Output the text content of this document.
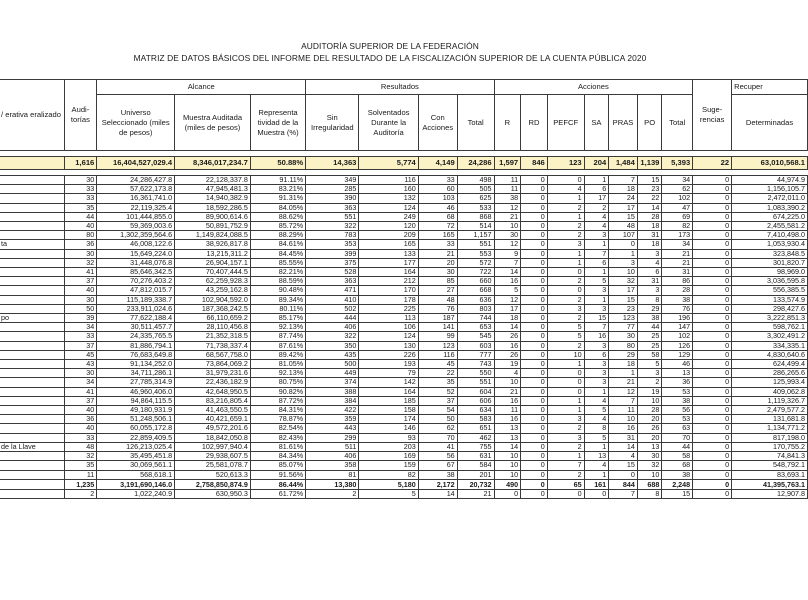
AUDITORÍA SUPERIOR DE LA FEDERACIÓN
MATRIZ DE DATOS BÁSICOS DEL INFORME DEL RESULTADO DE LA FISCALIZACIÓN SUPERIOR DE LA CUENTA PÚBLICA 2020
/ erativa eralizado	Audi- torías	Alcance			Resultados				Acciones							Suge- rencias	Recuper
		Universo Seleccionado (miles de pesos)	Muestra Auditada (miles de pesos)	Representa tividad de la Muestra (%)	Sin Irregularidad	Solventados Durante la Auditoría	Con Acciones	Total	R	RD	PEFCF	SA	PRAS	PO	Total		Determinadas

	1,616	16,404,527,029.4	8,346,017,234.7	50.88%	14,363	5,774	4,149	24,286	1,597	846	123	204	1,484	1,139	5,393	22	63,010,568.1

	30	24,286,427.8	22,128,337.8	91.11%	349	116	33	498	11	0	0	1	7	15	34	0	44,974.9
	33	57,622,173.8	47,945,481.3	83.21%	285	160	60	505	11	0	4	6	18	23	62	0	1,156,105.7
	33	16,361,741.0	14,940,382.9	91.31%	390	132	103	625	38	0	1	17	24	22	102	0	2,472,011.0
	35	22,119,325.4	18,592,286.5	84.05%	363	124	46	533	12	0	2	2	17	14	47	0	1,083,390.2
	44	101,444,855.0	89,900,614.6	88.62%	551	249	68	868	21	0	1	4	15	28	69	0	674,225.0
	40	59,369,003.6	50,891,752.9	85.72%	322	120	72	514	10	0	2	4	48	18	82	0	2,455,581.2
	80	1,302,359,564.6	1,149,824,088.5	88.29%	783	209	165	1,157	30	0	2	3	107	31	173	0	7,410,498.0
ta	36	46,008,122.6	38,926,817.8	84.61%	353	165	33	551	12	0	3	1	0	18	34	0	1,053,930.4
	30	15,649,224.0	13,215,311.2	84.45%	399	133	21	553	9	0	1	7	1	3	21	0	323,848.5
	32	31,448,076.8	26,904,157.1	85.55%	375	177	20	572	7	0	1	6	3	4	21	0	301,820.7
	41	85,646,342.5	70,407,444.5	82.21%	528	164	30	722	14	0	0	1	10	6	31	0	98,969.0
	37	70,276,403.2	62,259,928.3	88.59%	363	212	85	660	16	0	2	5	32	31	86	0	3,036,595.8
	40	47,812,015.7	43,259,162.8	90.48%	471	170	27	668	5	0	0	3	17	3	28	0	556,385.5
	30	115,189,338.7	102,904,592.0	89.34%	410	178	48	636	12	0	2	1	15	8	38	0	133,574.9
	50	233,911,024.6	187,368,242.5	80.11%	502	225	76	803	17	0	3	3	23	29	76	0	298,427.6
po	39	77,622,188.4	66,110,659.2	85.17%	444	113	187	744	18	0	2	15	123	38	196	0	3,222,851.3
	34	30,511,457.7	28,110,456.8	92.13%	406	106	141	653	14	0	5	7	77	44	147	0	598,762.1
	33	24,335,765.5	21,352,318.5	87.74%	322	124	99	545	26	0	5	16	30	25	102	0	3,302,491.2
	37	81,886,794.1	71,738,337.4	87.61%	350	130	123	603	16	0	2	3	80	25	126	0	334,335.1
	45	76,683,649.8	68,567,758.0	89.42%	435	226	116	777	26	0	10	6	29	58	129	0	4,830,640.6
	43	91,134,252.0	73,864,069.2	81.05%	500	193	45	743	19	0	1	3	18	5	46	0	624,499.4
	30	34,711,286.1	31,979,231.6	92.13%	449	79	22	550	4	0	0	3	1	3	13	0	286,265.6
	34	27,785,314.9	22,436,182.9	80.75%	374	142	35	551	10	0	0	3	21	2	36	0	125,993.4
	41	46,960,406.0	42,648,950.5	90.82%	388	164	52	604	21	0	0	1	12	19	53	0	409,062.8
	37	94,864,115.5	83,216,805.4	87.72%	384	185	37	606	16	0	1	4	7	10	38	0	1,119,326.7
	40	49,180,931.9	41,463,550.5	84.31%	422	158	54	634	11	0	1	5	11	28	56	0	2,479,577.2
	36	51,248,506.1	40,421,659.1	78.87%	359	174	50	583	16	0	3	4	10	20	53	0	131,681.8
	40	60,055,172.8	49,572,201.6	82.54%	443	146	62	651	13	0	2	8	16	26	63	0	1,134,771.2
	33	22,859,409.5	18,842,050.8	82.43%	299	93	70	462	13	0	3	5	31	20	70	0	817,198.0
de la Llave	48	126,213,025.4	102,997,940.4	81.61%	511	203	41	755	14	0	2	1	14	13	44	0	170,755.2
	32	35,495,451.8	29,938,607.5	84.34%	406	169	56	631	10	0	1	13	4	30	58	0	74,841.3
	35	30,069,561.1	25,581,078.7	85.07%	358	159	67	584	10	0	7	4	15	32	68	0	548,792.1
	11	568,618.1	520,613.3	91.56%	81	82	38	201	10	0	2	1	0	10	38	0	83,693.1
	1,235	3,191,690,146.0	2,758,850,874.9	86.44%	13,380	5,180	2,172	20,732	490	0	65	161	844	688	2,248	0	41,395,763.1
	2	1,022,240.9	630,950.3	61.72%	2	5	14	21	0	0	0	0	7	8	15	0	12,907.8
